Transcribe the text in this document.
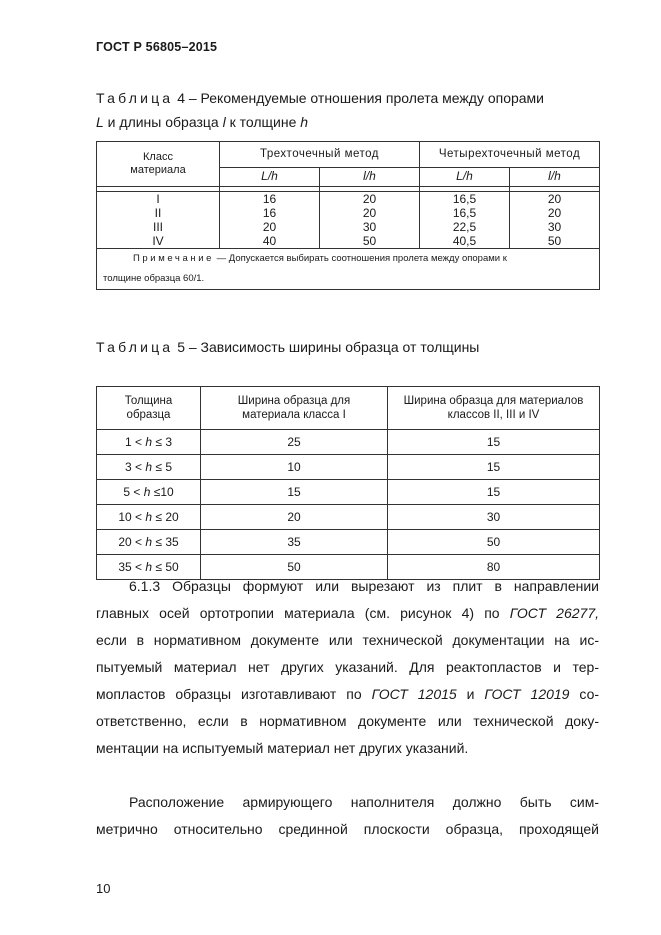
ГОСТ Р 56805–2015
Таблица 4 – Рекомендуемые отношения пролета между опорами
L и длины образца l к толщине h
Класс материала	Трехточечный метод		Четырехточечный метод	
	L/h	l/h	L/h	l/h

I	16	20	16,5	20
II	16	20	16,5	20
III	20	30	22,5	30
IV	40	50	40,5	50

Примечание — Допускается выбирать соотношения пролета между опорами к
толщине образца 60/1.				
Таблица 5 – Зависимость ширины образца от толщины
Толщина образца	Ширина образца для материала класса I	Ширина образца для материалов классов II, III и IV
1 < h ≤ 3	25	15
3 < h ≤ 5	10	15
5 < h ≤10	15	15
10 < h ≤ 20	20	30
20 < h ≤ 35	35	50
35 < h ≤ 50	50	80
6.1.3 Образцы формуют или вырезают из плит в направлении
главных осей ортотропии материала (см. рисунок 4) по ГОСТ 26277,
если в нормативном документе или технической документации на ис-
пытуемый материал нет других указаний. Для реактопластов и тер-
мопластов образцы изготавливают по ГОСТ 12015 и ГОСТ 12019 со-
ответственно, если в нормативном документе или технической доку-
ментации на испытуемый материал нет других указаний.
Расположение армирующего наполнителя должно быть сим-
метрично относительно срединной плоскости образца, проходящей
10
